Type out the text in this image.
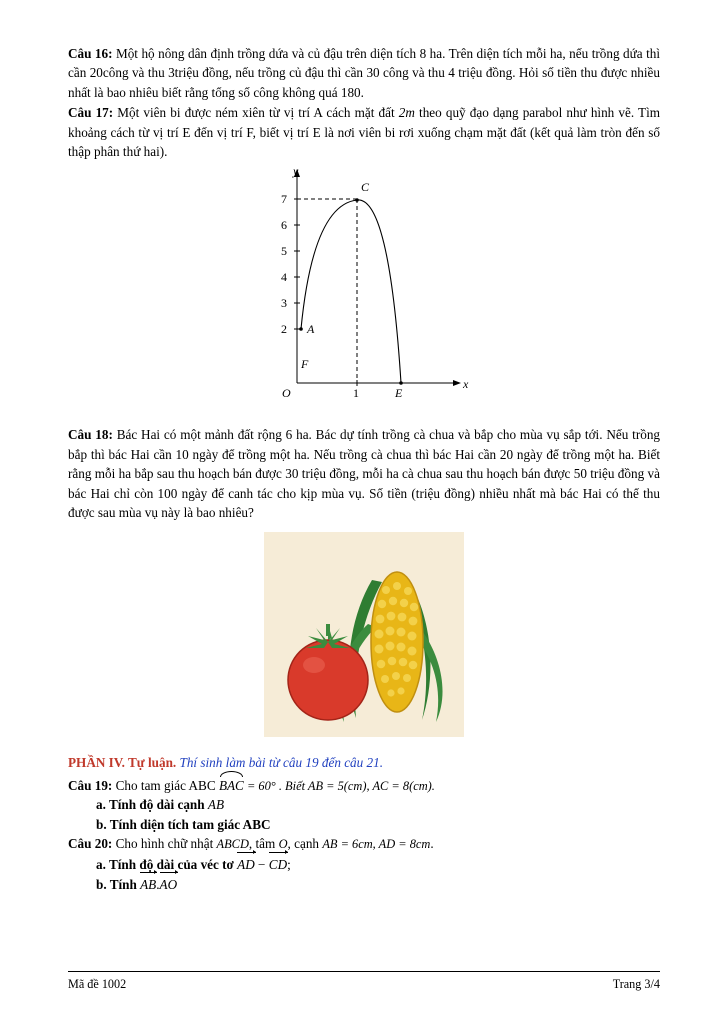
Câu 16: Một hộ nông dân định trồng dứa và củ đậu trên diện tích 8 ha. Trên diện tích mỗi ha, nếu trồng dứa thì cần 20công và thu 3triệu đồng, nếu trồng củ đậu thì cần 30 công và thu 4 triệu đồng. Hỏi số tiền thu được nhiều nhất là bao nhiêu biết rằng tổng số công không quá 180.

Câu 17: Một viên bi được ném xiên từ vị trí A cách mặt đất 2m theo quỹ đạo dạng parabol như hình vẽ. Tìm khoảng cách từ vị trí E đến vị trí F, biết vị trí E là nơi viên bi rơi xuống chạm mặt đất (kết quả làm tròn đến số thập phân thứ hai).

C
A
F
E
O	1
x
y
7
6
5
4
3
2

Câu 18: Bác Hai có một mảnh đất rộng 6 ha. Bác dự tính trồng cà chua và bắp cho mùa vụ sắp tới. Nếu trồng bắp thì bác Hai cần 10 ngày để trồng một ha. Nếu trồng cà chua thì bác Hai cần 20 ngày để trồng một ha. Biết rằng mỗi ha bắp sau thu hoạch bán được 30 triệu đồng, mỗi ha cà chua sau thu hoạch bán được 50 triệu đồng và bác Hai chỉ còn 100 ngày để canh tác cho kịp mùa vụ. Số tiền (triệu đồng) nhiều nhất mà bác Hai có thể thu được sau mùa vụ này là bao nhiêu?

PHẦN IV. Tự luận. Thí sinh làm bài từ câu 19 đến câu 21.

Câu 19: Cho tam giác ABC BAC = 60° . Biết AB = 5(cm), AC = 8(cm).

a. Tính độ dài cạnh AB

b. Tính diện tích tam giác ABC

Câu 20: Cho hình chữ nhật ABCD, tâm O, cạnh AB = 6cm, AD = 8cm.

a. Tính độ dài của véc tơ AD − CD;

b. Tính AB.AO

Mã đề 1002	Trang 3/4
